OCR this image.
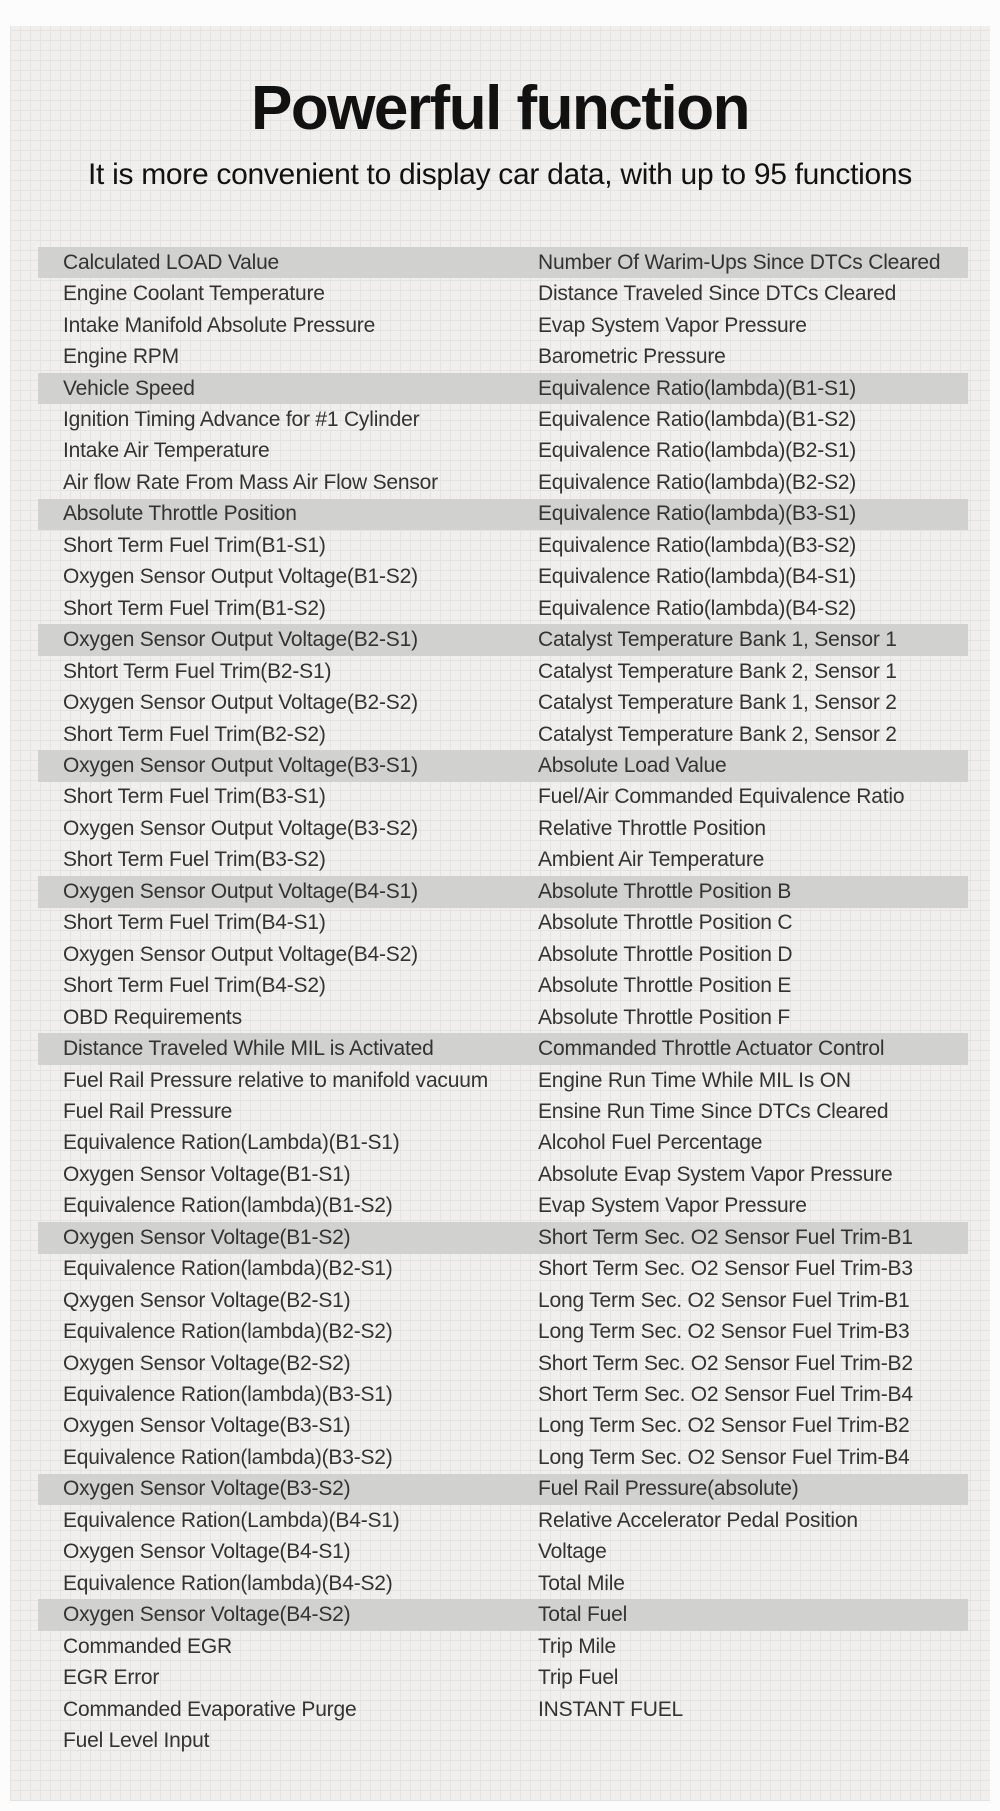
Powerful function
It is more convenient to display car data, with up to 95 functions
Calculated LOAD Value	Number Of Warim-Ups Since DTCs Cleared
Engine Coolant Temperature	Distance Traveled Since DTCs Cleared
Intake Manifold Absolute Pressure	Evap System Vapor Pressure
Engine RPM	Barometric Pressure
Vehicle Speed	Equivalence Ratio(lambda)(B1-S1)
Ignition Timing Advance for #1 Cylinder	Equivalence Ratio(lambda)(B1-S2)
Intake Air Temperature	Equivalence Ratio(lambda)(B2-S1)
Air flow Rate From Mass Air Flow Sensor	Equivalence Ratio(lambda)(B2-S2)
Absolute Throttle Position	Equivalence Ratio(lambda)(B3-S1)
Short Term Fuel Trim(B1-S1)	Equivalence Ratio(lambda)(B3-S2)
Oxygen Sensor Output Voltage(B1-S2)	Equivalence Ratio(lambda)(B4-S1)
Short Term Fuel Trim(B1-S2)	Equivalence Ratio(lambda)(B4-S2)
Oxygen Sensor Output Voltage(B2-S1)	Catalyst Temperature Bank 1, Sensor 1
Shtort Term Fuel Trim(B2-S1)	Catalyst Temperature Bank 2, Sensor 1
Oxygen Sensor Output Voltage(B2-S2)	Catalyst Temperature Bank 1, Sensor 2
Short Term Fuel Trim(B2-S2)	Catalyst Temperature Bank 2, Sensor 2
Oxygen Sensor Output Voltage(B3-S1)	Absolute Load Value
Short Term Fuel Trim(B3-S1)	Fuel/Air Commanded Equivalence Ratio
Oxygen Sensor Output Voltage(B3-S2)	Relative Throttle Position
Short Term Fuel Trim(B3-S2)	Ambient Air Temperature
Oxygen Sensor Output Voltage(B4-S1)	Absolute Throttle Position B
Short Term Fuel Trim(B4-S1)	Absolute Throttle Position C
Oxygen Sensor Output Voltage(B4-S2)	Absolute Throttle Position D
Short Term Fuel Trim(B4-S2)	Absolute Throttle Position E
OBD Requirements	Absolute Throttle Position F
Distance Traveled While MIL is Activated	Commanded Throttle Actuator Control
Fuel Rail Pressure relative to manifold vacuum	Engine Run Time While MIL Is ON
Fuel Rail Pressure	Ensine Run Time Since DTCs Cleared
Equivalence Ration(Lambda)(B1-S1)	Alcohol Fuel Percentage
Oxygen Sensor Voltage(B1-S1)	Absolute Evap System Vapor Pressure
Equivalence Ration(lambda)(B1-S2)	Evap System Vapor Pressure
Oxygen Sensor Voltage(B1-S2)	Short Term Sec. O2 Sensor Fuel Trim-B1
Equivalence Ration(lambda)(B2-S1)	Short Term Sec. O2 Sensor Fuel Trim-B3
Qxygen Sensor Voltage(B2-S1)	Long Term Sec. O2 Sensor Fuel Trim-B1
Equivalence Ration(lambda)(B2-S2)	Long Term Sec. O2 Sensor Fuel Trim-B3
Oxygen Sensor Voltage(B2-S2)	Short Term Sec. O2 Sensor Fuel Trim-B2
Equivalence Ration(lambda)(B3-S1)	Short Term Sec. O2 Sensor Fuel Trim-B4
Oxygen Sensor Voltage(B3-S1)	Long Term Sec. O2 Sensor Fuel Trim-B2
Equivalence Ration(lambda)(B3-S2)	Long Term Sec. O2 Sensor Fuel Trim-B4
Oxygen Sensor Voltage(B3-S2)	Fuel Rail Pressure(absolute)
Equivalence Ration(Lambda)(B4-S1)	Relative Accelerator Pedal Position
Oxygen Sensor Voltage(B4-S1)	Voltage
Equivalence Ration(lambda)(B4-S2)	Total Mile
Oxygen Sensor Voltage(B4-S2)	Total Fuel
Commanded EGR	Trip Mile
EGR Error	Trip Fuel
Commanded Evaporative Purge	INSTANT FUEL
Fuel Level Input
